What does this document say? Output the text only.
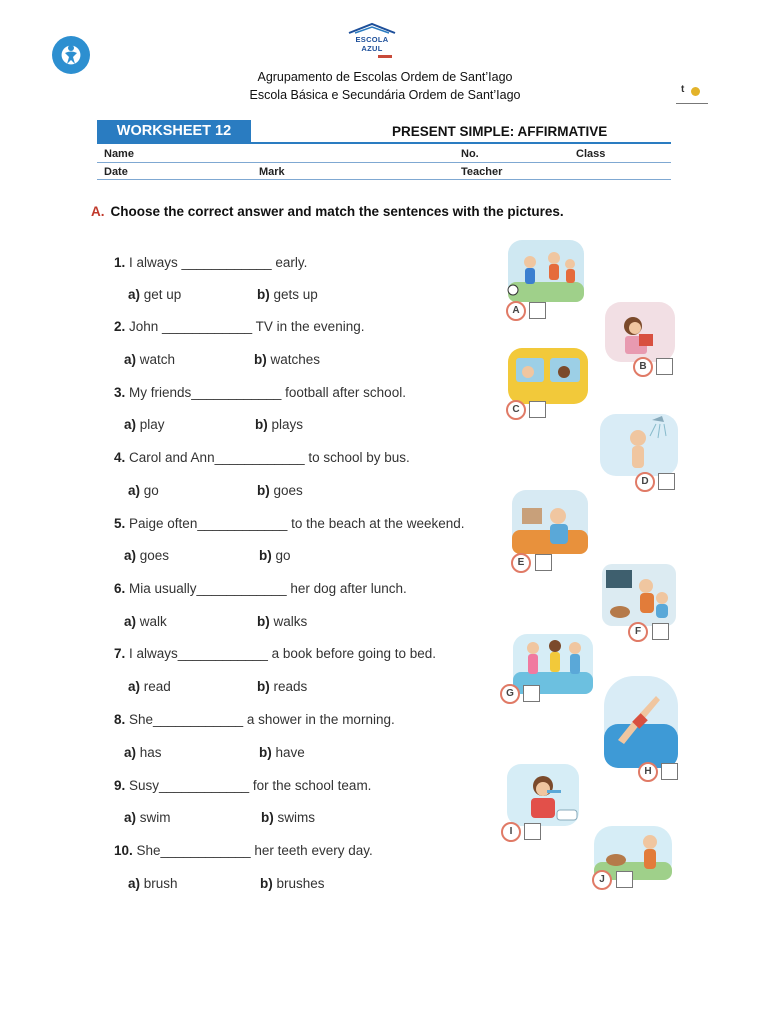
ESCOLA AZUL
Agrupamento de Escolas Ordem de Sant’Iago
Escola Básica e Secundária Ordem de Sant’Iago	t
WORKSHEET 12	PRESENT SIMPLE: AFFIRMATIVE
Name	No.	Class
Date	Mark	Teacher
A. Choose the correct answer and match the sentences with the pictures.
1. I always ____________ early.
a) get up	b) gets up
2. John ____________ TV in the evening.
a) watch	b) watches
3. My friends____________ football after school.
a) play	b) plays
4. Carol and Ann____________ to school by bus.
a) go	b) goes
5. Paige often____________ to the beach at the weekend.
a) goes	b) go
6. Mia usually____________ her dog after lunch.
a) walk	b) walks
7. I always____________ a book before going to bed.
a) read	b) reads
8. She____________ a shower in the morning.
a) has	b) have
9. Susy____________ for the school team.
a) swim	b) swims
10. She____________ her teeth every day.
a) brush	b) brushes
A
B
C
D
E
F
G
H
I
J
